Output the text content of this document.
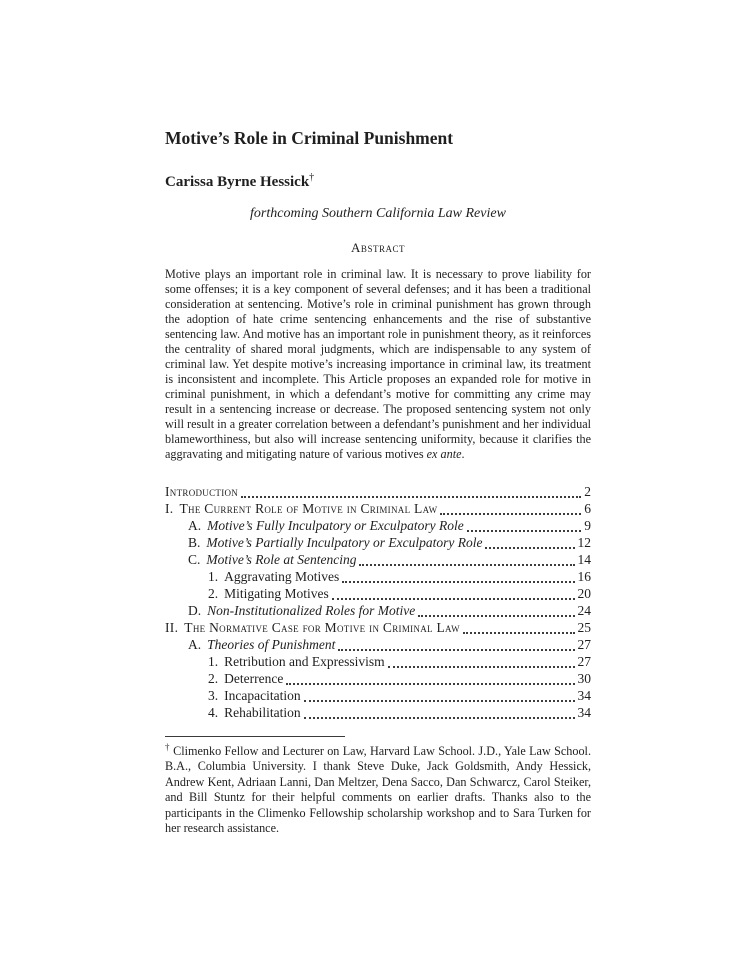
Motive’s Role in Criminal Punishment
Carissa Byrne Hessick†
forthcoming Southern California Law Review
Abstract

Motive plays an important role in criminal law. It is necessary to prove liability for some offenses; it is a key component of several defenses; and it has been a traditional consideration at sentencing. Motive’s role in criminal punishment has grown through the adoption of hate crime sentencing enhancements and the rise of substantive sentencing law. And motive has an important role in punishment theory, as it reinforces the centrality of shared moral judgments, which are indispensable to any system of criminal law. Yet despite motive’s increasing importance in criminal law, its treatment is inconsistent and incomplete. This Article proposes an expanded role for motive in criminal punishment, in which a defendant’s motive for committing any crime may result in a sentencing increase or decrease. The proposed sentencing system not only will result in a greater correlation between a defendant’s punishment and her individual blameworthiness, but also will increase sentencing uniformity, because it clarifies the aggravating and mitigating nature of various motives ex ante.

Introduction	2
I. The Current Role of Motive in Criminal Law	6
A. Motive’s Fully Inculpatory or Exculpatory Role	9
B. Motive’s Partially Inculpatory or Exculpatory Role	12
C. Motive’s Role at Sentencing	14
1. Aggravating Motives	16
2. Mitigating Motives	20
D. Non-Institutionalized Roles for Motive	24
II. The Normative Case for Motive in Criminal Law	25
A. Theories of Punishment	27
1. Retribution and Expressivism	27
2. Deterrence	30
3. Incapacitation	34
4. Rehabilitation	34

† Climenko Fellow and Lecturer on Law, Harvard Law School. J.D., Yale Law School. B.A., Columbia University. I thank Steve Duke, Jack Goldsmith, Andy Hessick, Andrew Kent, Adriaan Lanni, Dan Meltzer, Dena Sacco, Dan Schwarcz, Carol Steiker, and Bill Stuntz for their helpful comments on earlier drafts. Thanks also to the participants in the Climenko Fellowship scholarship workshop and to Sara Turken for her research assistance.
